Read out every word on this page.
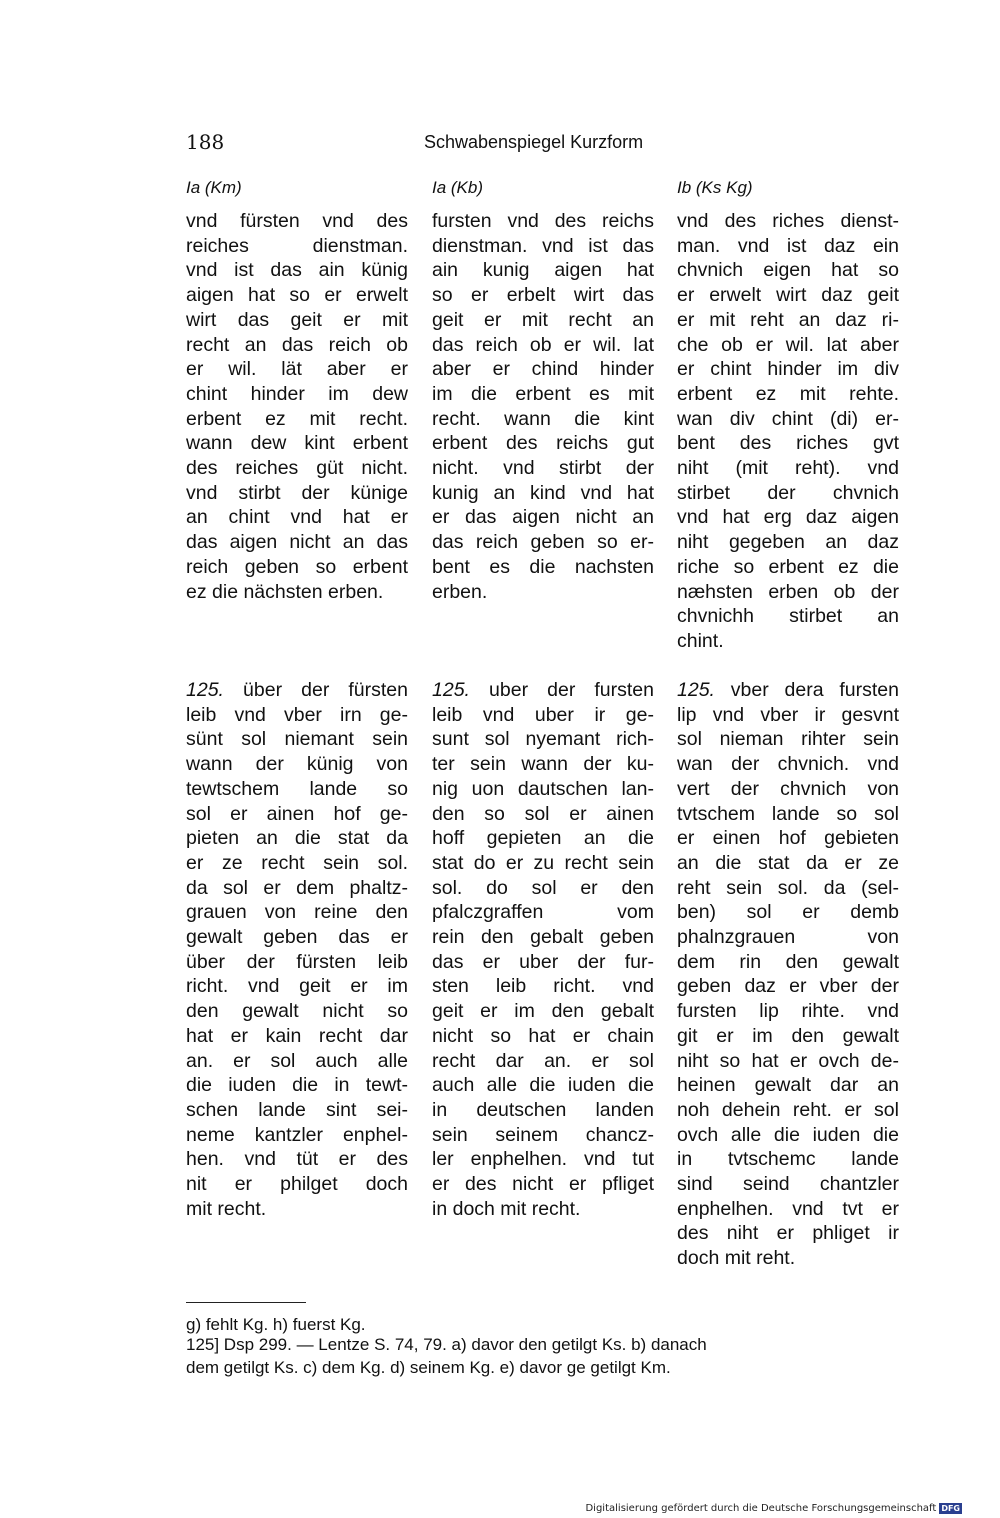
188	Schwabenspiegel Kurzform
Ia (Km)
vnd fürsten vnd des
reiches dienstman.
vnd ist das ain künig
aigen hat so er erwelt
wirt das geit er mit
recht an das reich ob
er wil. lät aber er
chint hinder im dew
erbent ez mit recht.
wann dew kint erbent
des reiches güt nicht.
vnd stirbt der künige
an chint vnd hat er
das aigen nicht an das
reich geben so erbent
ez die nächsten erben.
125. über der fürsten
leib vnd vber irn ge-
sünt sol niemant sein
wann der künig von
tewtschem lande so
sol er ainen hof ge-
pieten an die stat da
er ze recht sein sol.
da sol er dem phaltz-
grauen von reine den
gewalt geben das er
über der fürsten leib
richt. vnd geit er im
den gewalt nicht so
hat er kain recht dar
an. er sol auch alle
die iuden die in tewt-
schen lande sint sei-
neme kantzler enphel-
hen. vnd tüt er des
nit er philget doch
mit recht.
Ia (Kb)
fursten vnd des reichs
dienstman. vnd ist das
ain kunig aigen hat
so er erbelt wirt das
geit er mit recht an
das reich ob er wil. lat
aber er chind hinder
im die erbent es mit
recht. wann die kint
erbent des reichs gut
nicht. vnd stirbt der
kunig an kind vnd hat
er das aigen nicht an
das reich geben so er-
bent es die nachsten
erben.
125. uber der fursten
leib vnd uber ir ge-
sunt sol nyemant rich-
ter sein wann der ku-
nig uon dautschen lan-
den so sol er ainen
hoff gepieten an die
stat do er zu recht sein
sol. do sol er den
pfalczgraffen vom
rein den gebalt geben
das er uber der fur-
sten leib richt. vnd
geit er im den gebalt
nicht so hat er chain
recht dar an. er sol
auch alle die iuden die
in deutschen landen
sein seinem chancz-
ler enphelhen. vnd tut
er des nicht er pfliget
in doch mit recht.
Ib (Ks Kg)
vnd des riches dienst-
man. vnd ist daz ein
chvnich eigen hat so
er erwelt wirt daz geit
er mit reht an daz ri-
che ob er wil. lat aber
er chint hinder im div
erbent ez mit rehte.
wan div chint (di) er-
bent des riches gvt
niht (mit reht). vnd
stirbet der chvnich
vnd hat erg daz aigen
niht gegeben an daz
riche so erbent ez die
næhsten erben ob der
chvnichh stirbet an
chint.
125. vber dera fursten
lip vnd vber ir gesvnt
sol nieman rihter sein
wan der chvnich. vnd
vert der chvnich von
tvtschem lande so sol
er einen hof gebieten
an die stat da er ze
reht sein sol. da (sel-
ben) sol er demb
phalnzgrauen von
dem rin den gewalt
geben daz er vber der
fursten lip rihte. vnd
git er im den gewalt
niht so hat er ovch de-
heinen gewalt dar an
noh dehein reht. er sol
ovch alle die iuden die
in tvtschemc lande
sind seind chantzler
enphelhen. vnd tvt er
des niht er phliget ir
doch mit reht.
g) fehlt Kg. h) fuerst Kg.
125] Dsp 299. — Lentze S. 74, 79. a) davor den getilgt Ks. b) danach
dem getilgt Ks. c) dem Kg. d) seinem Kg. e) davor ge getilgt Km.
Digitalisierung gefördert durch die Deutsche Forschungsgemeinschaft DFG
